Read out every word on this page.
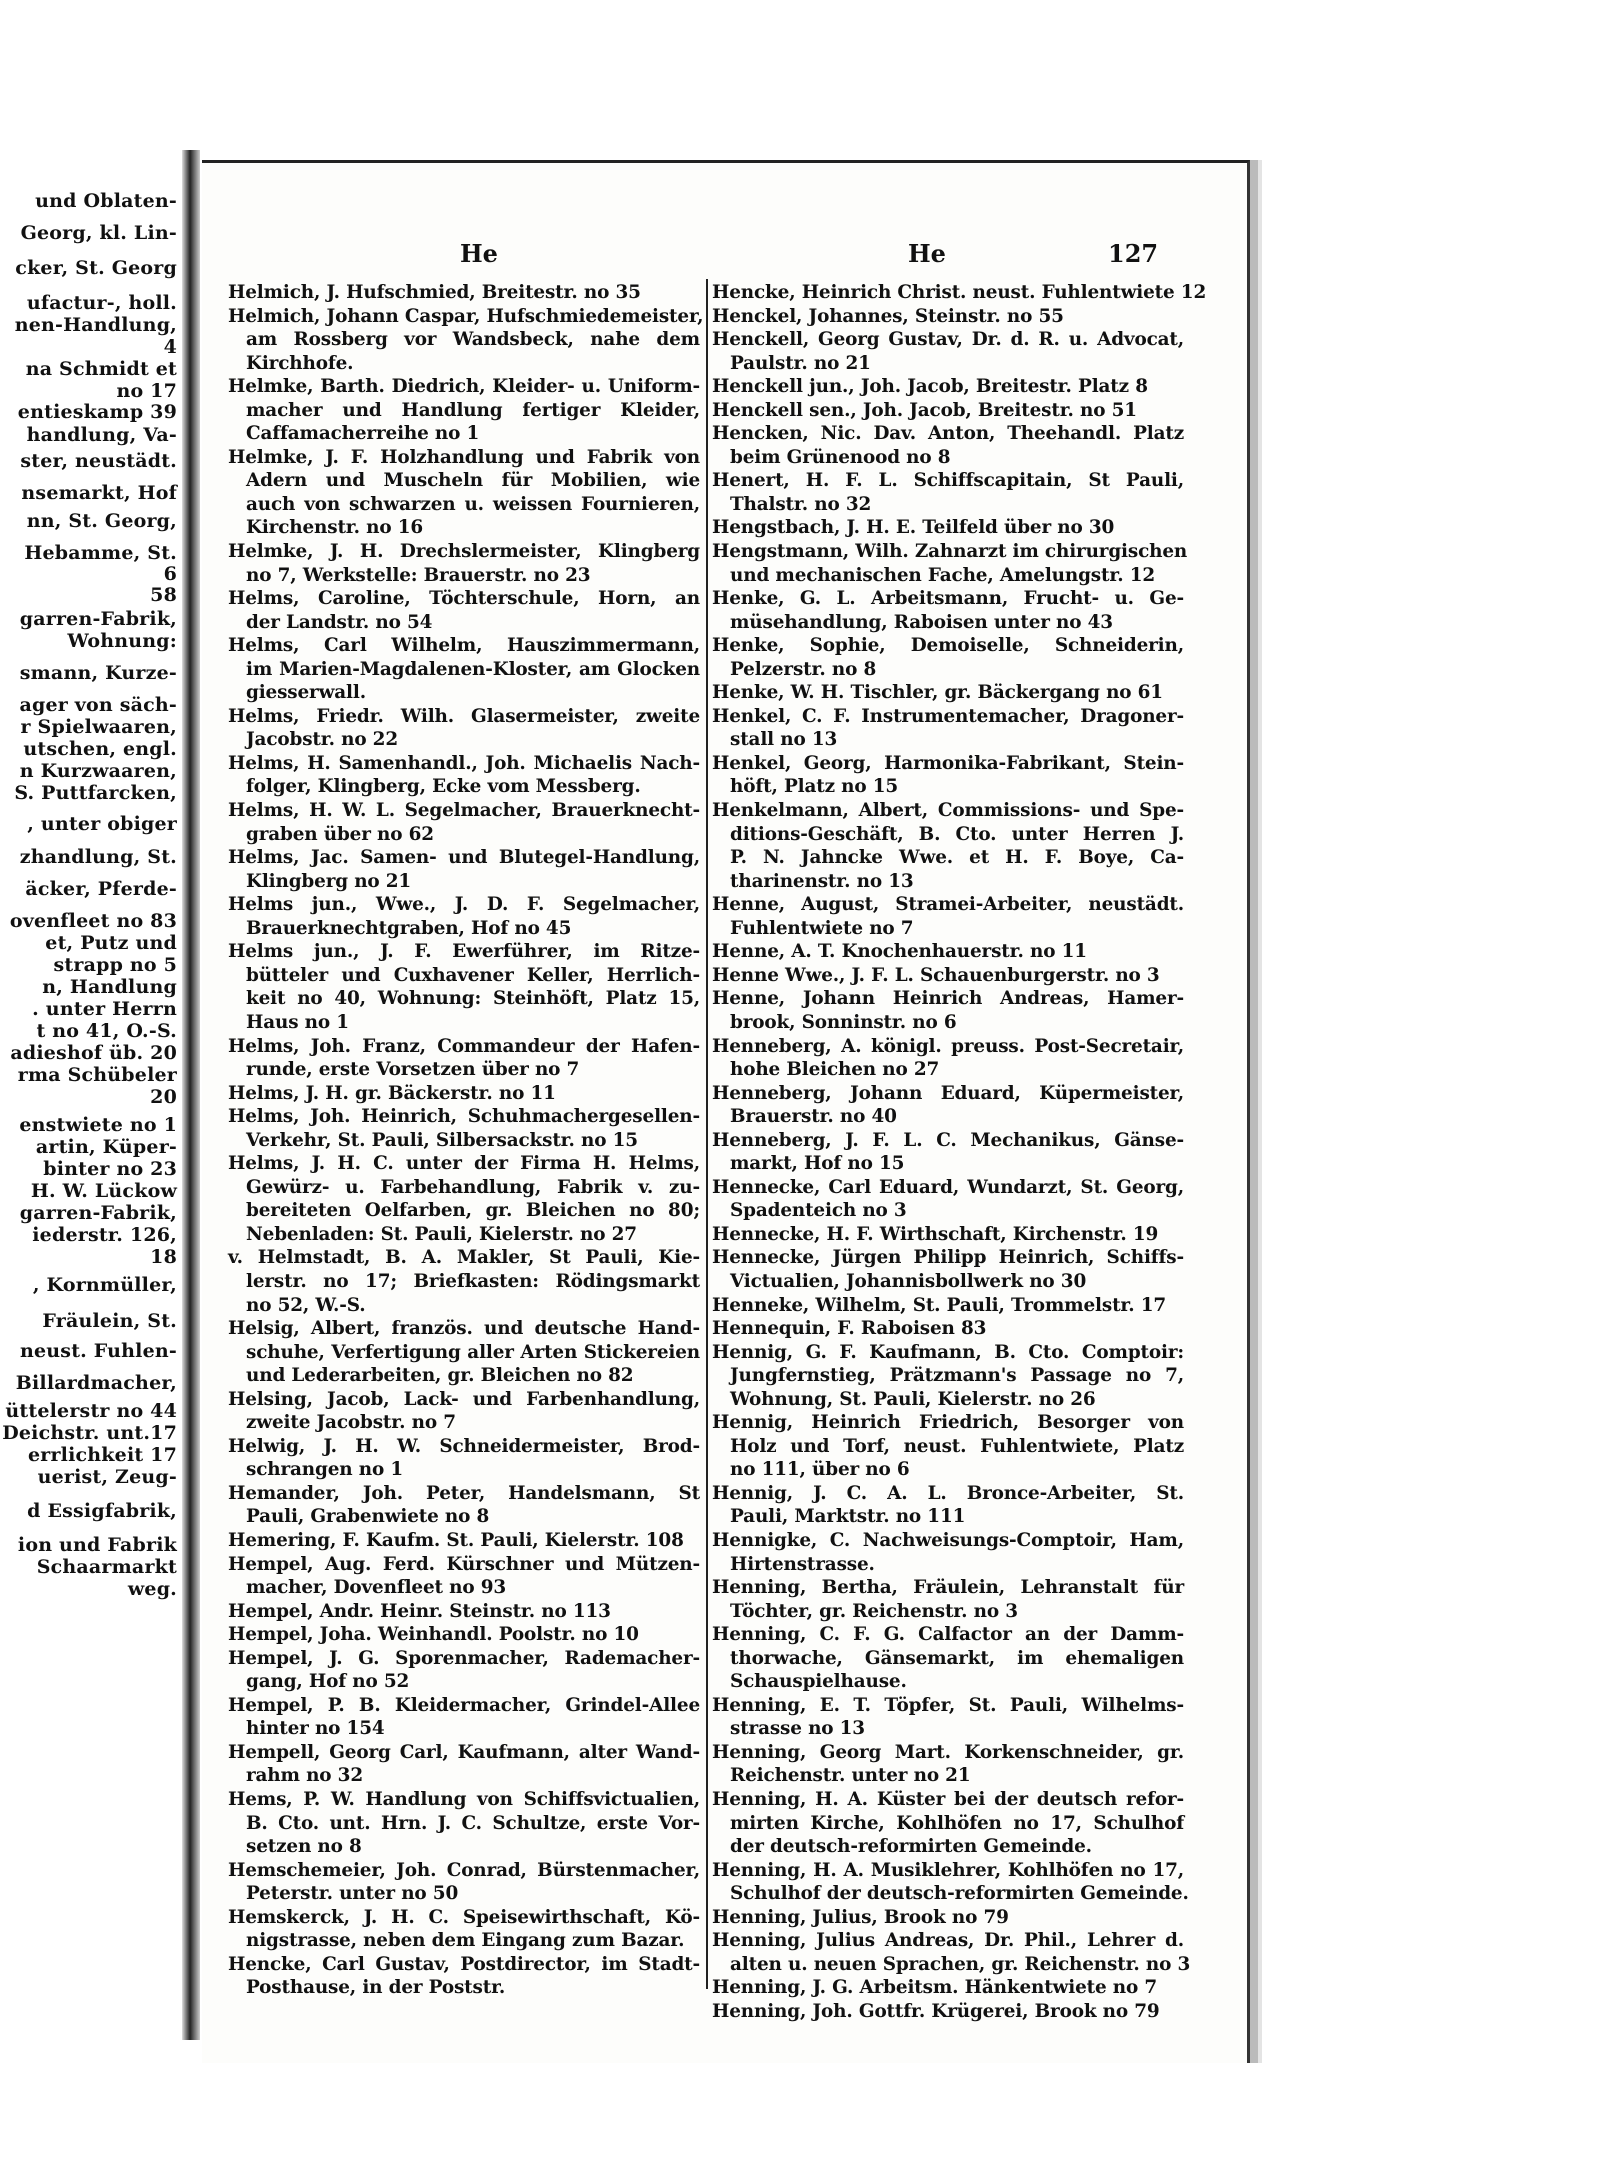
und Oblaten-
Georg, kl. Lin-
cker, St. Georg
ufactur-, holl.
nen-Handlung,
4
na Schmidt et
no 17
entieskamp 39
handlung, Va-
ster, neustädt.
nsemarkt, Hof
nn, St. Georg,
Hebamme, St.
6
58
garren-Fabrik,
Wohnung:
smann, Kurze-
ager von säch-
r Spielwaaren,
utschen, engl.
n Kurzwaaren,
S. Puttfarcken,
, unter obiger
zhandlung, St.
äcker, Pferde-
ovenfleet no 83
et, Putz und
strapp no 5
n, Handlung
. unter Herrn
t no 41, O.-S.
adieshof üb. 20
rma Schübeler
20
enstwiete no 1
artin, Küper-
binter no 23
H. W. Lückow
garren-Fabrik,
iederstr. 126,
18
, Kornmüller,
Fräulein, St.
neust. Fuhlen-
Billardmacher,
üttelerstr no 44
Deichstr. unt.17
errlichkeit 17
uerist, Zeug-
d Essigfabrik,
ion und Fabrik
Schaarmarkt
weg.
He	He	127
Helmich, J. Hufschmied, Breitestr. no 35
Helmich, Johann Caspar, Hufschmiedemeister,
am Rossberg vor Wandsbeck, nahe dem
Kirchhofe.
Helmke, Barth. Diedrich, Kleider- u. Uniform-
macher und Handlung fertiger Kleider,
Caffamacherreihe no 1
Helmke, J. F. Holzhandlung und Fabrik von
Adern und Muscheln für Mobilien, wie
auch von schwarzen u. weissen Fournieren,
Kirchenstr. no 16
Helmke, J. H. Drechslermeister, Klingberg
no 7, Werkstelle: Brauerstr. no 23
Helms, Caroline, Töchterschule, Horn, an
der Landstr. no 54
Helms, Carl Wilhelm, Hauszimmermann,
im Marien-Magdalenen-Kloster, am Glocken
giesserwall.
Helms, Friedr. Wilh. Glasermeister, zweite
Jacobstr. no 22
Helms, H. Samenhandl., Joh. Michaelis Nach-
folger, Klingberg, Ecke vom Messberg.
Helms, H. W. L. Segelmacher, Brauerknecht-
graben über no 62
Helms, Jac. Samen- und Blutegel-Handlung,
Klingberg no 21
Helms jun., Wwe., J. D. F. Segelmacher,
Brauerknechtgraben, Hof no 45
Helms jun., J. F. Ewerführer, im Ritze-
bütteler und Cuxhavener Keller, Herrlich-
keit no 40, Wohnung: Steinhöft, Platz 15,
Haus no 1
Helms, Joh. Franz, Commandeur der Hafen-
runde, erste Vorsetzen über no 7
Helms, J. H. gr. Bäckerstr. no 11
Helms, Joh. Heinrich, Schuhmachergesellen-
Verkehr, St. Pauli, Silbersackstr. no 15
Helms, J. H. C. unter der Firma H. Helms,
Gewürz- u. Farbehandlung, Fabrik v. zu-
bereiteten Oelfarben, gr. Bleichen no 80;
Nebenladen: St. Pauli, Kielerstr. no 27
v. Helmstadt, B. A. Makler, St Pauli, Kie-
lerstr. no 17; Briefkasten: Rödingsmarkt
no 52, W.-S.
Helsig, Albert, französ. und deutsche Hand-
schuhe, Verfertigung aller Arten Stickereien
und Lederarbeiten, gr. Bleichen no 82
Helsing, Jacob, Lack- und Farbenhandlung,
zweite Jacobstr. no 7
Helwig, J. H. W. Schneidermeister, Brod-
schrangen no 1
Hemander, Joh. Peter, Handelsmann, St
Pauli, Grabenwiete no 8
Hemering, F. Kaufm. St. Pauli, Kielerstr. 108
Hempel, Aug. Ferd. Kürschner und Mützen-
macher, Dovenfleet no 93
Hempel, Andr. Heinr. Steinstr. no 113
Hempel, Joha. Weinhandl. Poolstr. no 10
Hempel, J. G. Sporenmacher, Rademacher-
gang, Hof no 52
Hempel, P. B. Kleidermacher, Grindel-Allee
hinter no 154
Hempell, Georg Carl, Kaufmann, alter Wand-
rahm no 32
Hems, P. W. Handlung von Schiffsvictualien,
B. Cto. unt. Hrn. J. C. Schultze, erste Vor-
setzen no 8
Hemschemeier, Joh. Conrad, Bürstenmacher,
Peterstr. unter no 50
Hemskerck, J. H. C. Speisewirthschaft, Kö-
nigstrasse, neben dem Eingang zum Bazar.
Hencke, Carl Gustav, Postdirector, im Stadt-
Posthause, in der Poststr.
Hencke, Heinrich Christ. neust. Fuhlentwiete 12
Henckel, Johannes, Steinstr. no 55
Henckell, Georg Gustav, Dr. d. R. u. Advocat,
Paulstr. no 21
Henckell jun., Joh. Jacob, Breitestr. Platz 8
Henckell sen., Joh. Jacob, Breitestr. no 51
Hencken, Nic. Dav. Anton, Theehandl. Platz
beim Grünenood no 8
Henert, H. F. L. Schiffscapitain, St Pauli,
Thalstr. no 32
Hengstbach, J. H. E. Teilfeld über no 30
Hengstmann, Wilh. Zahnarzt im chirurgischen
und mechanischen Fache, Amelungstr. 12
Henke, G. L. Arbeitsmann, Frucht- u. Ge-
müsehandlung, Raboisen unter no 43
Henke, Sophie, Demoiselle, Schneiderin,
Pelzerstr. no 8
Henke, W. H. Tischler, gr. Bäckergang no 61
Henkel, C. F. Instrumentemacher, Dragoner-
stall no 13
Henkel, Georg, Harmonika-Fabrikant, Stein-
höft, Platz no 15
Henkelmann, Albert, Commissions- und Spe-
ditions-Geschäft, B. Cto. unter Herren J.
P. N. Jahncke Wwe. et H. F. Boye, Ca-
tharinenstr. no 13
Henne, August, Stramei-Arbeiter, neustädt.
Fuhlentwiete no 7
Henne, A. T. Knochenhauerstr. no 11
Henne Wwe., J. F. L. Schauenburgerstr. no 3
Henne, Johann Heinrich Andreas, Hamer-
brook, Sonninstr. no 6
Henneberg, A. königl. preuss. Post-Secretair,
hohe Bleichen no 27
Henneberg, Johann Eduard, Küpermeister,
Brauerstr. no 40
Henneberg, J. F. L. C. Mechanikus, Gänse-
markt, Hof no 15
Hennecke, Carl Eduard, Wundarzt, St. Georg,
Spadenteich no 3
Hennecke, H. F. Wirthschaft, Kirchenstr. 19
Hennecke, Jürgen Philipp Heinrich, Schiffs-
Victualien, Johannisbollwerk no 30
Henneke, Wilhelm, St. Pauli, Trommelstr. 17
Hennequin, F. Raboisen 83
Hennig, G. F. Kaufmann, B. Cto. Comptoir:
Jungfernstieg, Prätzmann's Passage no 7,
Wohnung, St. Pauli, Kielerstr. no 26
Hennig, Heinrich Friedrich, Besorger von
Holz und Torf, neust. Fuhlentwiete, Platz
no 111, über no 6
Hennig, J. C. A. L. Bronce-Arbeiter, St.
Pauli, Marktstr. no 111
Hennigke, C. Nachweisungs-Comptoir, Ham,
Hirtenstrasse.
Henning, Bertha, Fräulein, Lehranstalt für
Töchter, gr. Reichenstr. no 3
Henning, C. F. G. Calfactor an der Damm-
thorwache, Gänsemarkt, im ehemaligen
Schauspielhause.
Henning, E. T. Töpfer, St. Pauli, Wilhelms-
strasse no 13
Henning, Georg Mart. Korkenschneider, gr.
Reichenstr. unter no 21
Henning, H. A. Küster bei der deutsch refor-
mirten Kirche, Kohlhöfen no 17, Schulhof
der deutsch-reformirten Gemeinde.
Henning, H. A. Musiklehrer, Kohlhöfen no 17,
Schulhof der deutsch-reformirten Gemeinde.
Henning, Julius, Brook no 79
Henning, Julius Andreas, Dr. Phil., Lehrer d.
alten u. neuen Sprachen, gr. Reichenstr. no 3
Henning, J. G. Arbeitsm. Hänkentwiete no 7
Henning, Joh. Gottfr. Krügerei, Brook no 79
